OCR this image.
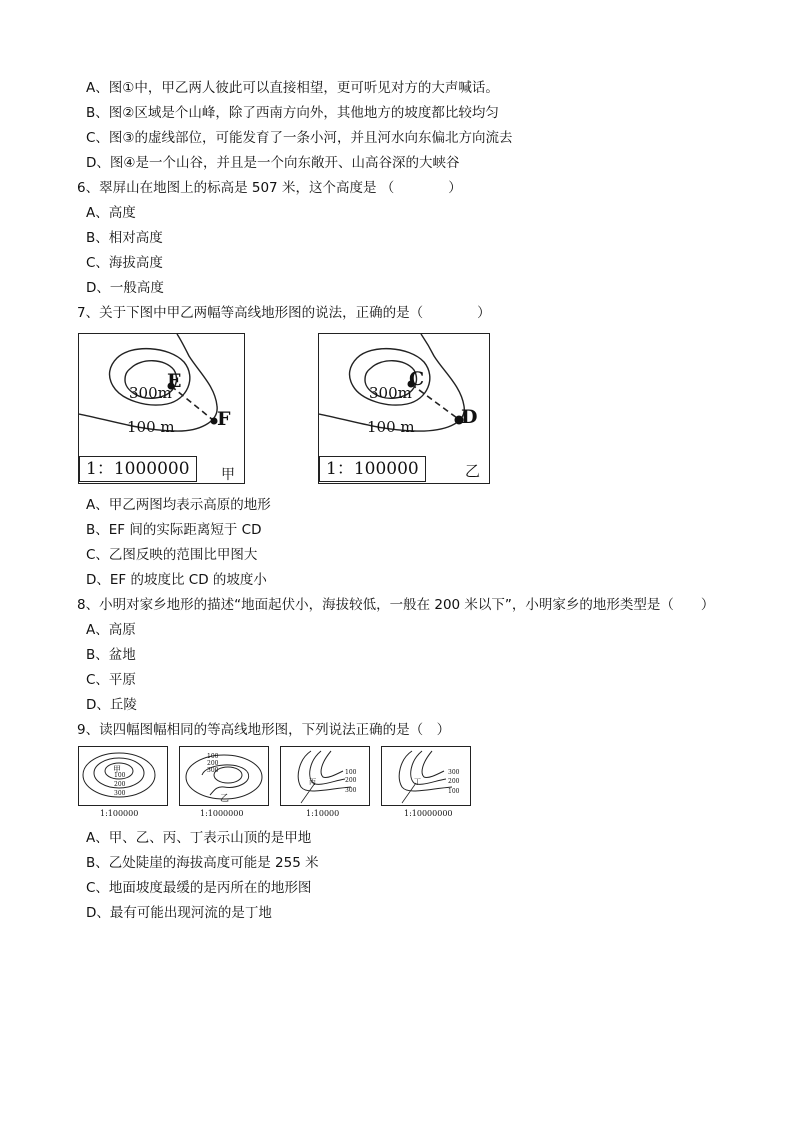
A、图①中，甲乙两人彼此可以直接相望，更可听见对方的大声喊话。
B、图②区域是个山峰，除了西南方向外，其他地方的坡度都比较均匀
C、图③的虚线部位，可能发育了一条小河，并且河水向东偏北方向流去
D、图④是一个山谷，并且是一个向东敞开、山高谷深的大峡谷
6、翠屏山在地图上的标高是 507 米，这个高度是 （　　　　）
A、高度
B、相对高度
C、海拔高度
D、一般高度
7、关于下图中甲乙两幅等高线地形图的说法，正确的是（　　　　）
300m
100 m
E
F
1：1000000	甲
300m
100 m
C
D
1：100000	乙
A、甲乙两图均表示高原的地形
B、EF 间的实际距离短于 CD
C、乙图反映的范围比甲图大
D、EF 的坡度比 CD 的坡度小
8、小明对家乡地形的描述“地面起伏小，海拔较低，一般在 200 米以下”，小明家乡的地形类型是（　　）
A、高原
B、盆地
C、平原
D、丘陵
9、读四幅图幅相同的等高线地形图，下列说法正确的是（　）
甲
100
200
300
1:100000
100
200
300
乙
1:1000000
丙
100
200
300
1:10000
丁
300
200
100
1:10000000
A、甲、乙、丙、丁表示山顶的是甲地
B、乙处陡崖的海拔高度可能是 255 米
C、地面坡度最缓的是丙所在的地形图
D、最有可能出现河流的是丁地
